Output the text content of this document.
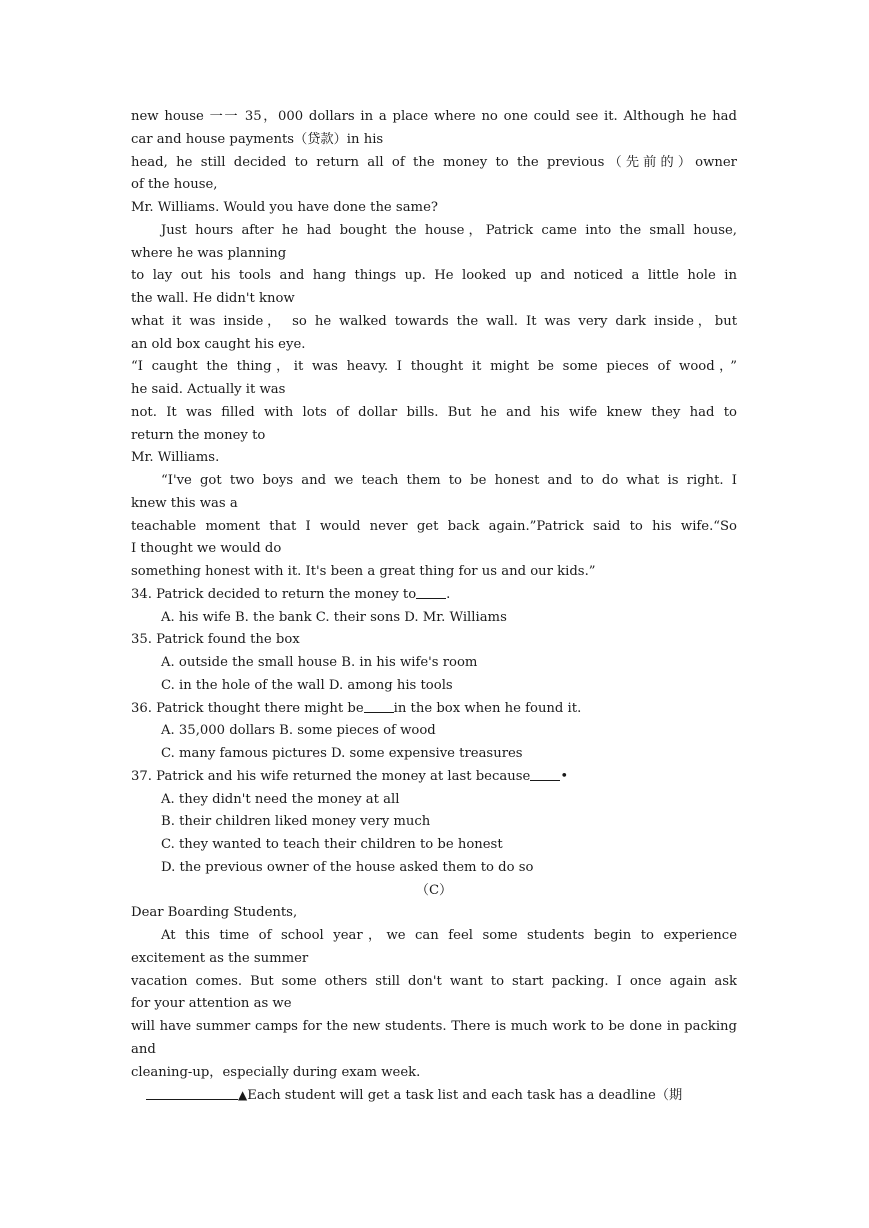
new house 一一 35，000 dollars in a place where no one could see it. Although he had
car and house payments（贷款）in his
head, he still decided to return all of the money to the previous（先前的）owner
of the house,
Mr. Williams. Would you have done the same?
Just hours after he had bought the house，Patrick came into the small house,
where he was planning
to lay out his tools and hang things up. He looked up and noticed a little hole in
the wall. He didn't know
what it was inside， so he walked towards the wall. It was very dark inside，but
an old box caught his eye.
“I caught the thing，it was heavy. I thought it might be some pieces of wood，”
he said. Actually it was
not. It was filled with lots of dollar bills. But he and his wife knew they had to
return the money to
Mr. Williams.
“I've got two boys and we teach them to be honest and to do what is right. I
knew this was a
teachable moment that I would never get back again.”Patrick said to his wife.“So
I thought we would do
something honest with it. It's been a great thing for us and our kids.”
34. Patrick decided to return the money to .
A. his wife B. the bank C. their sons D. Mr. Williams
35. Patrick found the box
A. outside the small house B. in his wife's room
C. in the hole of the wall D. among his tools
36. Patrick thought there might be in the box when he found it.
A. 35,000 dollars B. some pieces of wood
C. many famous pictures D. some expensive treasures
37. Patrick and his wife returned the money at last because •
A. they didn't need the money at all
B. their children liked money very much
C. they wanted to teach their children to be honest
D. the previous owner of the house asked them to do so
（C）
Dear Boarding Students,
At this time of school year，we can feel some students begin to experience
excitement as the summer
vacation comes. But some others still don't want to start packing. I once again ask
for your attention as we
will have summer camps for the new students. There is much work to be done in packing
and
cleaning-up，especially during exam week.
▲Each student will get a task list and each task has a deadline（期
